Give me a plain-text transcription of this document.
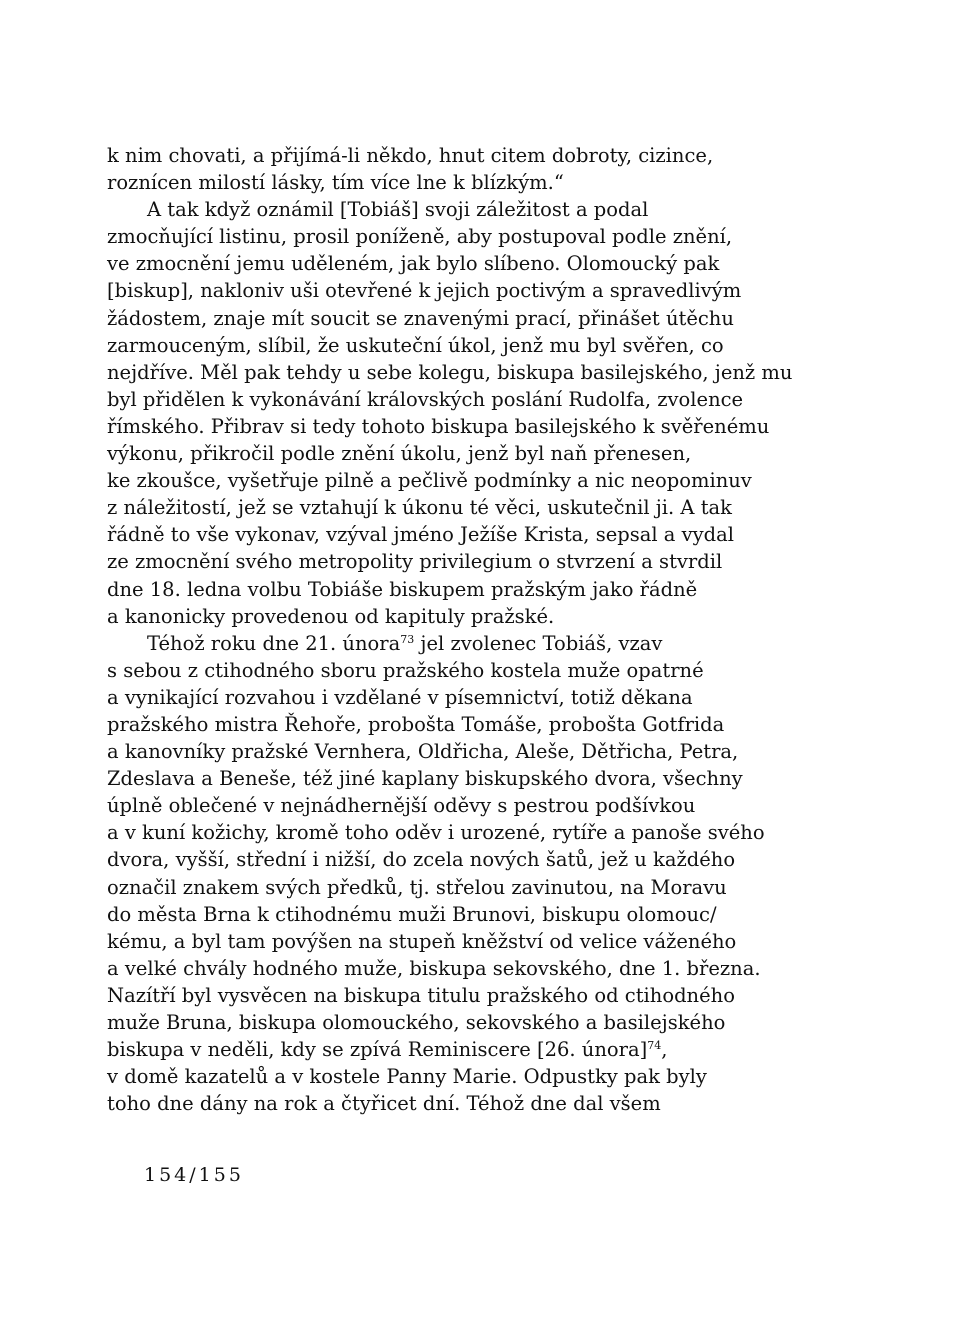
k nim chovati, a přijímá-li někdo, hnut citem dobroty, cizince,
roznícen milostí lásky, tím více lne k blízkým.“
A tak když oznámil [Tobiáš] svoji záležitost a podal
zmocňující listinu, prosil poníženě, aby postupoval podle znění,
ve zmocnění jemu uděleném, jak bylo slíbeno. Olomoucký pak
[biskup], nakloniv uši otevřené k jejich poctivým a spravedlivým
žádostem, znaje mít soucit se znavenými prací, přinášet útěchu
zarmouceným, slíbil, že uskuteční úkol, jenž mu byl svěřen, co
nejdříve. Měl pak tehdy u sebe kolegu, biskupa basilejského, jenž mu
byl přidělen k vykonávání královských poslání Rudolfa, zvolence
římského. Přibrav si tedy tohoto biskupa basilejského k svěřenému
výkonu, přikročil podle znění úkolu, jenž byl naň přenesen,
ke zkoušce, vyšetřuje pilně a pečlivě podmínky a nic neopominuv
z náležitostí, jež se vztahují k úkonu té věci, uskutečnil ji. A tak
řádně to vše vykonav, vzýval jméno Ježíše Krista, sepsal a vydal
ze zmocnění svého metropolity privilegium o stvrzení a stvrdil
dne 18. ledna volbu Tobiáše biskupem pražským jako řádně
a kanonicky provedenou od kapituly pražské.
Téhož roku dne 21. února$^{73}$ jel zvolenec Tobiáš, vzav
s sebou z ctihodného sboru pražského kostela muže opatrné
a vynikající rozvahou i vzdělané v písemnictví, totiž děkana
pražského mistra Řehoře, probošta Tomáše, probošta Gotfrida
a kanovníky pražské Vernhera, Oldřicha, Aleše, Dětřicha, Petra,
Zdeslava a Beneše, též jiné kaplany biskupského dvora, všechny
úplně oblečené v nejnádhernější oděvy s pestrou podšívkou
a v kuní kožichy, kromě toho oděv i urozené, rytíře a panoše svého
dvora, vyšší, střední i nižší, do zcela nových šatů, jež u každého
označil znakem svých předků, tj. střelou zavinutou, na Moravu
do města Brna k ctihodnému muži Brunovi, biskupu olomouc/
kému, a byl tam povýšen na stupeň kněžství od velice váženého
a velké chvály hodného muže, biskupa sekovského, dne 1. března.
Nazítří byl vysvěcen na biskupa titulu pražského od ctihodného
muže Bruna, biskupa olomouckého, sekovského a basilejského
biskupa v neděli, kdy se zpívá Reminiscere [26. února]$^{74}$,
v domě kazatelů a v kostele Panny Marie. Odpustky pak byly
toho dne dány na rok a čtyřicet dní. Téhož dne dal všem
154/155
